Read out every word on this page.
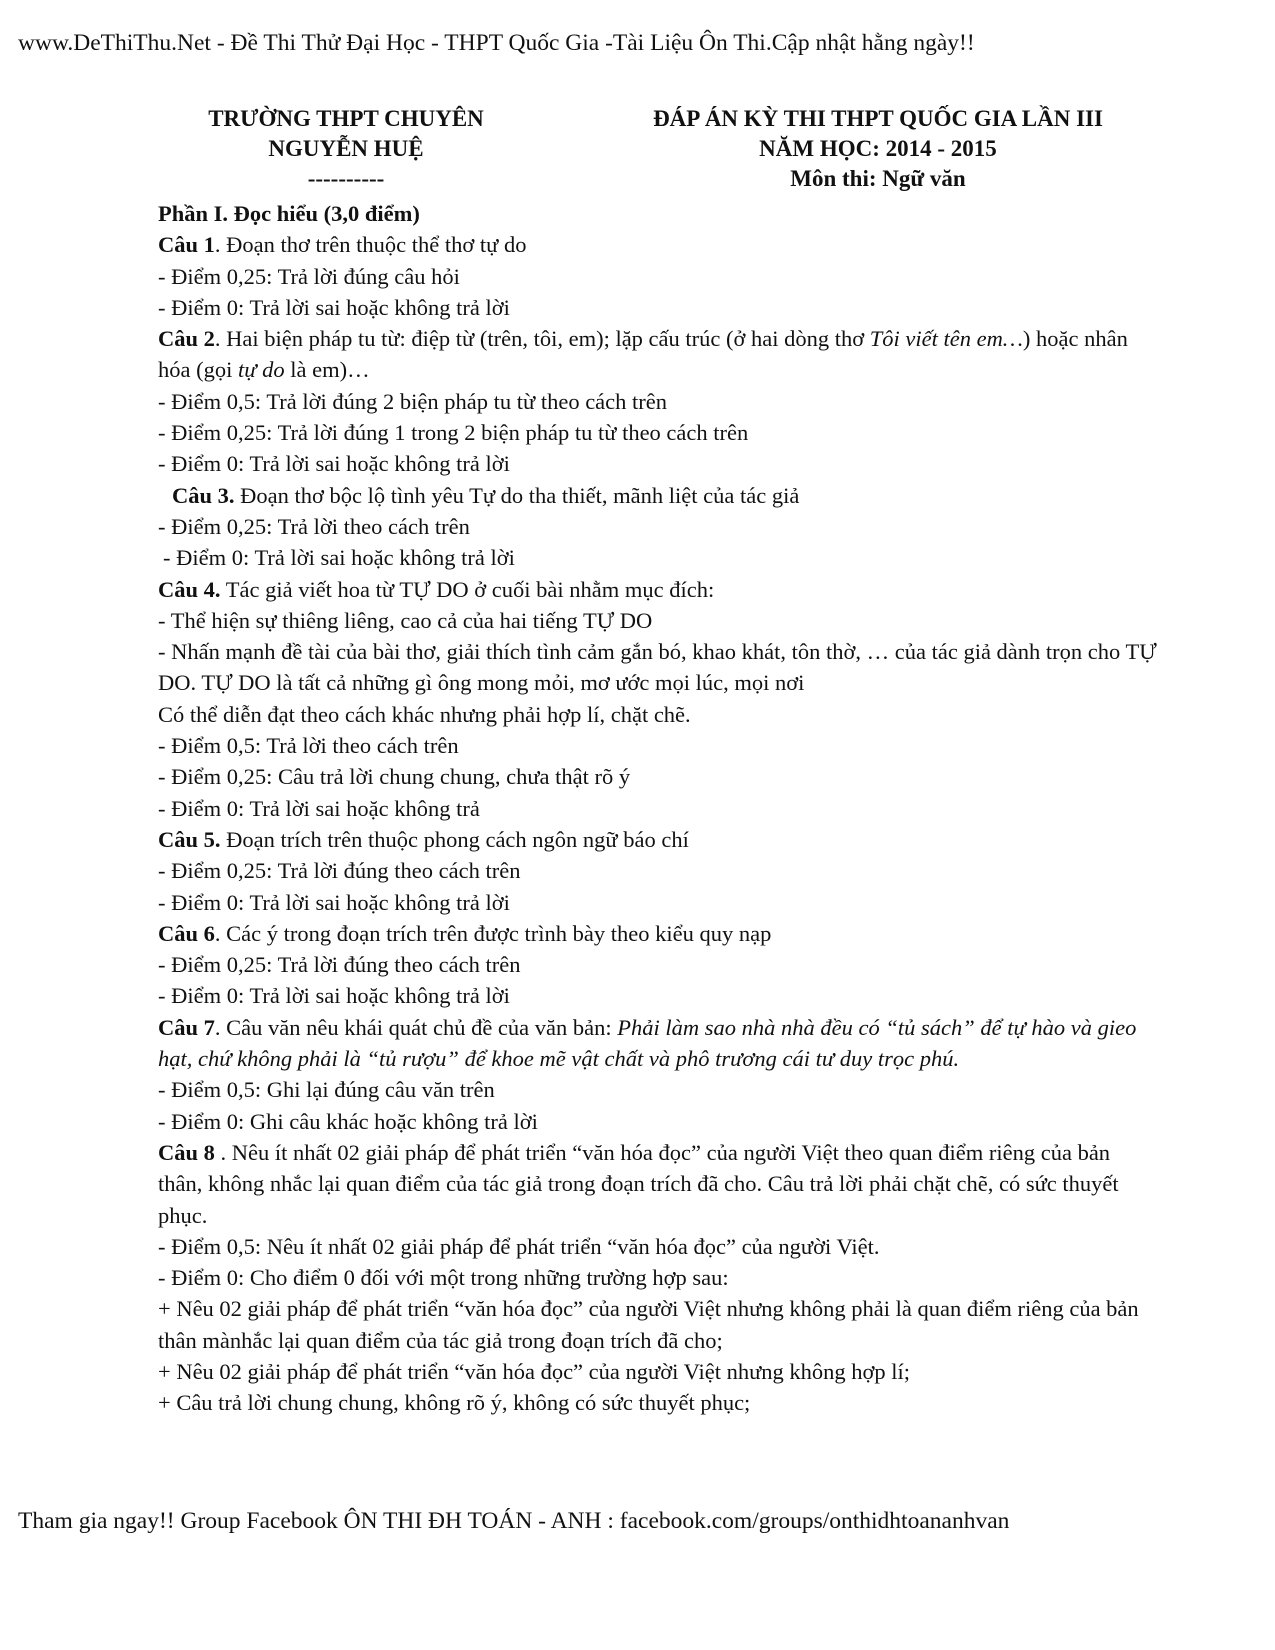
www.DeThiThu.Net - Đề Thi Thử Đại Học - THPT Quốc Gia -Tài Liệu Ôn Thi.Cập nhật hằng ngày!!
TRƯỜNG THPT CHUYÊN
NGUYỄN HUỆ
----------
ĐÁP ÁN KỲ THI THPT QUỐC GIA LẦN III
NĂM HỌC: 2014 - 2015
Môn thi: Ngữ văn
Phần I. Đọc hiểu (3,0 điểm)
Câu 1. Đoạn thơ trên thuộc thể thơ tự do
- Điểm 0,25: Trả lời đúng câu hỏi
- Điểm 0: Trả lời sai hoặc không trả lời
Câu 2. Hai biện pháp tu từ: điệp từ (trên, tôi, em); lặp cấu trúc (ở hai dòng thơ Tôi viết tên em…) hoặc nhân hóa (gọi tự do là em)…
- Điểm 0,5: Trả lời đúng 2 biện pháp tu từ theo cách trên
- Điểm 0,25: Trả lời đúng 1 trong 2 biện pháp tu từ theo cách trên
- Điểm 0: Trả lời sai hoặc không trả lời
Câu 3. Đoạn thơ bộc lộ tình yêu Tự do tha thiết, mãnh liệt của tác giả
- Điểm 0,25: Trả lời theo cách trên
- Điểm 0: Trả lời sai hoặc không trả lời
Câu 4. Tác giả viết hoa từ TỰ DO ở cuối bài nhằm mục đích:
- Thể hiện sự thiêng liêng, cao cả của hai tiếng TỰ DO
- Nhấn mạnh đề tài của bài thơ, giải thích tình cảm gắn bó, khao khát, tôn thờ, … của tác giả dành trọn cho TỰ DO. TỰ DO là tất cả những gì ông mong mỏi, mơ ước mọi lúc, mọi nơi
Có thể diễn đạt theo cách khác nhưng phải hợp lí, chặt chẽ.
- Điểm 0,5: Trả lời theo cách trên
- Điểm 0,25: Câu trả lời chung chung, chưa thật rõ ý
- Điểm 0: Trả lời sai hoặc không trả
Câu 5. Đoạn trích trên thuộc phong cách ngôn ngữ báo chí
- Điểm 0,25: Trả lời đúng theo cách trên
- Điểm 0: Trả lời sai hoặc không trả lời
Câu 6. Các ý trong đoạn trích trên được trình bày theo kiểu quy nạp
- Điểm 0,25: Trả lời đúng theo cách trên
- Điểm 0: Trả lời sai hoặc không trả lời
Câu 7. Câu văn nêu khái quát chủ đề của văn bản: Phải làm sao nhà nhà đều có “tủ sách” để tự hào và gieo hạt, chứ không phải là “tủ rượu” để khoe mẽ vật chất và phô trương cái tư duy trọc phú.
- Điểm 0,5: Ghi lại đúng câu văn trên
- Điểm 0: Ghi câu khác hoặc không trả lời
Câu 8 . Nêu ít nhất 02 giải pháp để phát triển “văn hóa đọc” của người Việt theo quan điểm riêng của bản thân, không nhắc lại quan điểm của tác giả trong đoạn trích đã cho. Câu trả lời phải chặt chẽ, có sức thuyết phục.
- Điểm 0,5: Nêu ít nhất 02 giải pháp để phát triển “văn hóa đọc” của người Việt.
- Điểm 0: Cho điểm 0 đối với một trong những trường hợp sau:
+ Nêu 02 giải pháp để phát triển “văn hóa đọc” của người Việt nhưng không phải là quan điểm riêng của bản thân mànhắc lại quan điểm của tác giả trong đoạn trích đã cho;
+ Nêu 02 giải pháp để phát triển “văn hóa đọc” của người Việt nhưng không hợp lí;
+ Câu trả lời chung chung, không rõ ý, không có sức thuyết phục;
Tham gia ngay!! Group Facebook ÔN THI ĐH TOÁN - ANH : facebook.com/groups/onthidhtoananhvan
